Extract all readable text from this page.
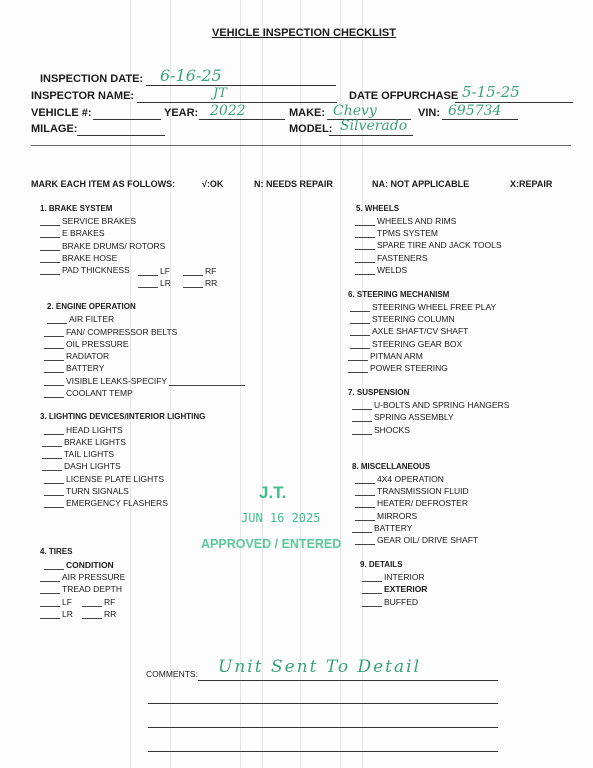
VEHICLE INSPECTION CHECKLIST
INSPECTION DATE: 6-16-25
INSPECTOR NAME:	JT	DATE OFPURCHASE 5-15-25
VEHICLE #:	YEAR: 2022	MAKE: Chevy	VIN: 695734
MILAGE:	MODEL: Silverado
MARK EACH ITEM AS FOLLOWS:	√:OK	N: NEEDS REPAIR	NA: NOT APPLICABLE	X:REPAIR
1. BRAKE SYSTEM
SERVICE BRAKES
E BRAKES
BRAKE DRUMS/ ROTORS
BRAKE HOSE
PAD THICKNESS	LF	RF
LR	RR
2. ENGINE OPERATION
AIR FILTER
FAN/ COMPRESSOR BELTS
OIL PRESSURE
RADIATOR
BATTERY
VISIBLE LEAKS-SPECIFY
COOLANT TEMP
3. LIGHTING DEVICES/INTERIOR LIGHTING
HEAD LIGHTS
BRAKE LIGHTS
TAIL LIGHTS
DASH LIGHTS
LICENSE PLATE LIGHTS
TURN SIGNALS
EMERGENCY FLASHERS
4. TIRES
CONDITION
AIR PRESSURE
TREAD DEPTH
LF	RF
LR	RR
5. WHEELS
WHEELS AND RIMS
TPMS SYSTEM
SPARE TIRE AND JACK TOOLS
FASTENERS
WELDS
6. STEERING MECHANISM
STEERING WHEEL FREE PLAY
STEERING COLUMN
AXLE SHAFT/CV SHAFT
STEERING GEAR BOX
PITMAN ARM
POWER STEERING
7. SUSPENSION
U-BOLTS AND SPRING HANGERS
SPRING ASSEMBLY
SHOCKS
8. MISCELLANEOUS
4X4 OPERATION
TRANSMISSION FLUID
HEATER/ DEFROSTER
MIRRORS
BATTERY
GEAR OIL/ DRIVE SHAFT
9. DETAILS
INTERIOR
EXTERIOR
BUFFED
J.T.
JUN 16 2025
APPROVED / ENTERED
COMMENTS: Unit Sent To Detail
